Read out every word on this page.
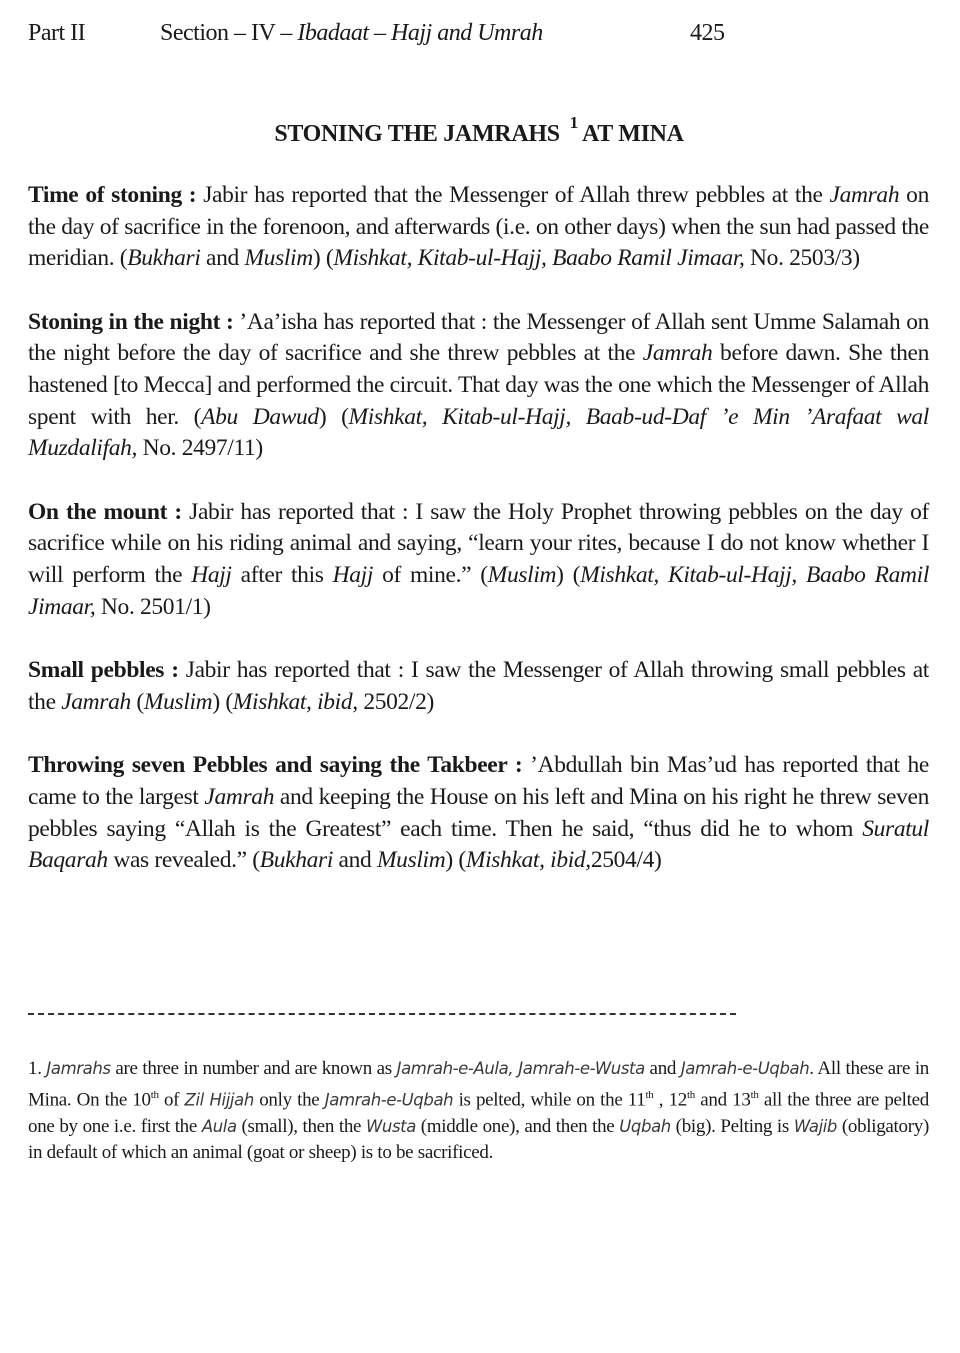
Part II	Section – IV – Ibadaat – Hajj and Umrah	425
STONING THE JAMRAHS $^1$ AT MINA

Time of stoning : Jabir has reported that the Messenger of Allah threw pebbles at the Jamrah on the day of sacrifice in the forenoon, and afterwards (i.e. on other days) when the sun had passed the meridian. (Bukhari and Muslim) (Mishkat, Kitab-ul-Hajj, Baabo Ramil Jimaar, No. 2503/3)

Stoning in the night : ’Aa’isha has reported that : the Messenger of Allah sent Umme Salamah on the night before the day of sacrifice and she threw pebbles at the Jamrah before dawn. She then hastened [to Mecca] and performed the circuit. That day was the one which the Messenger of Allah spent with her. (Abu Dawud) (Mishkat, Kitab-ul-Hajj, Baab-ud-Daf ’e Min ’Arafaat wal Muzdalifah, No. 2497/11)

On the mount : Jabir has reported that : I saw the Holy Prophet throwing pebbles on the day of sacrifice while on his riding animal and saying, “learn your rites, because I do not know whether I will perform the Hajj after this Hajj of mine.” (Muslim) (Mishkat, Kitab-ul-Hajj, Baabo Ramil Jimaar, No. 2501/1)

Small pebbles : Jabir has reported that : I saw the Messenger of Allah throwing small pebbles at the Jamrah (Muslim) (Mishkat, ibid, 2502/2)

Throwing seven Pebbles and saying the Takbeer : ’Abdullah bin Mas’ud has reported that he came to the largest Jamrah and keeping the House on his left and Mina on his right he threw seven pebbles saying “Allah is the Greatest” each time. Then he said, “thus did he to whom Suratul Baqarah was revealed.” (Bukhari and Muslim) (Mishkat, ibid,2504/4)

1. Jamrahs are three in number and are known as Jamrah-e-Aula, Jamrah-e-Wusta and Jamrah-e-Uqbah. All these are in Mina. On the 10th of Zil Hijjah only the Jamrah-e-Uqbah is pelted, while on the 11th , 12th and 13th all the three are pelted one by one i.e. first the Aula (small), then the Wusta (middle one), and then the Uqbah (big). Pelting is Wajib (obligatory) in default of which an animal (goat or sheep) is to be sacrificed.
